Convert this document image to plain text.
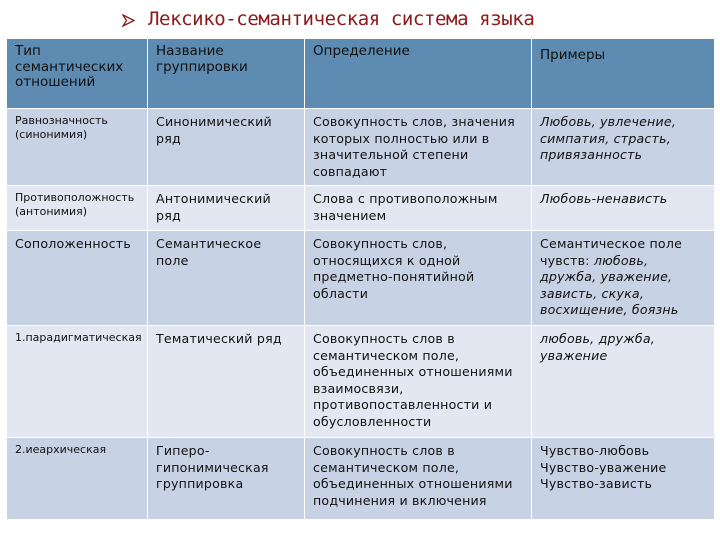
Лексико-семантическая система языка
Тип семантических отношений	Название группировки	Определение	Примеры

Равнозначность
(синонимия)	Синонимический ряд	Совокупность слов, значения которых полностью или в значительной степени совпадают	Любовь, увлечение, симпатия, страсть, привязанность

Противоположность
(антонимия)	Антонимический ряд	Слова с противоположным значением	Любовь-ненависть
Соположенность	Семантическое поле	Совокупность слов, относящихся к одной предметно-понятийной области	Семантическое поле чувств: любовь, дружба, уважение, зависть, скука, восхищение, боязнь
1.парадигматическая	Тематический ряд	Совокупность слов в семантическом поле, объединенных отношениями взаимосвязи, противопоставленности и обусловленности	любовь, дружба, уважение
2.иеархическая	Гиперо-гипонимическая группировка	Совокупность слов в семантическом поле, объединенных отношениями подчинения и включения	Чувство-любовь
Чувство-уважение
Чувство-зависть
